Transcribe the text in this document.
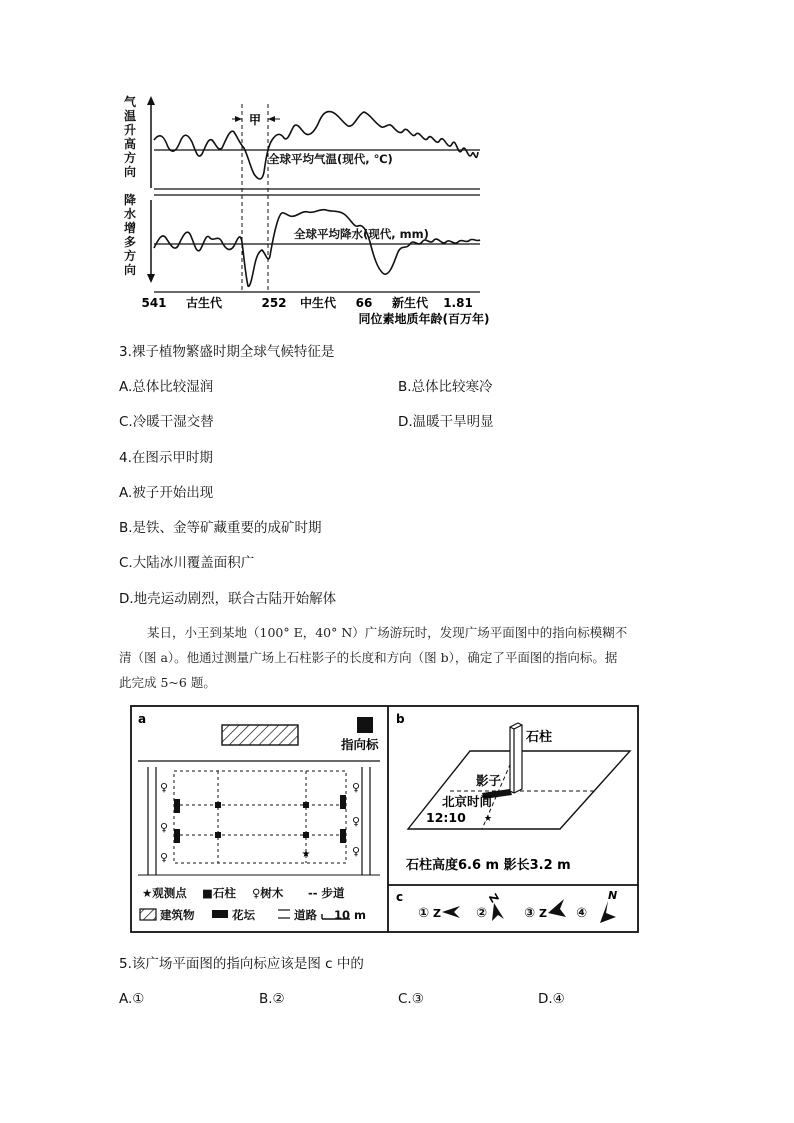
气
温
升
高
方
向
降
水
增
多
方
向
甲
全球平均气温(现代, ℃)
全球平均降水(现代, mm)
541 古生代	252 中生代 66 新生代 1.81
同位素地质年龄(百万年)
3.裸子植物繁盛时期全球气候特征是
A.总体比较湿润	B.总体比较寒冷
C.冷暖干湿交替	D.温暖干旱明显
4.在图示甲时期
A.被子开始出现
B.是铁、金等矿藏重要的成矿时期
C.大陆冰川覆盖面积广
D.地壳运动剧烈，联合古陆开始解体
某日，小王到某地（100° E，40° N）广场游玩时，发现广场平面图中的指向标模糊不
清（图 a）。他通过测量广场上石柱影子的长度和方向（图 b），确定了平面图的指向标。据
此完成 5~6 题。
a
指向标
★
♀
♀
♀
♀
♀
♀
★观测点 ■石柱 ♀树木 -- 步道
建筑物	花坛	道路 10 m
b
石柱
影子
北京时间
12:10 ★
石柱高度6.6 m 影长3.2 m
c
①	②	③	④
Z
Z
Z
N
5.该广场平面图的指向标应该是图 c 中的
A.①	B.②	C.③	D.④
